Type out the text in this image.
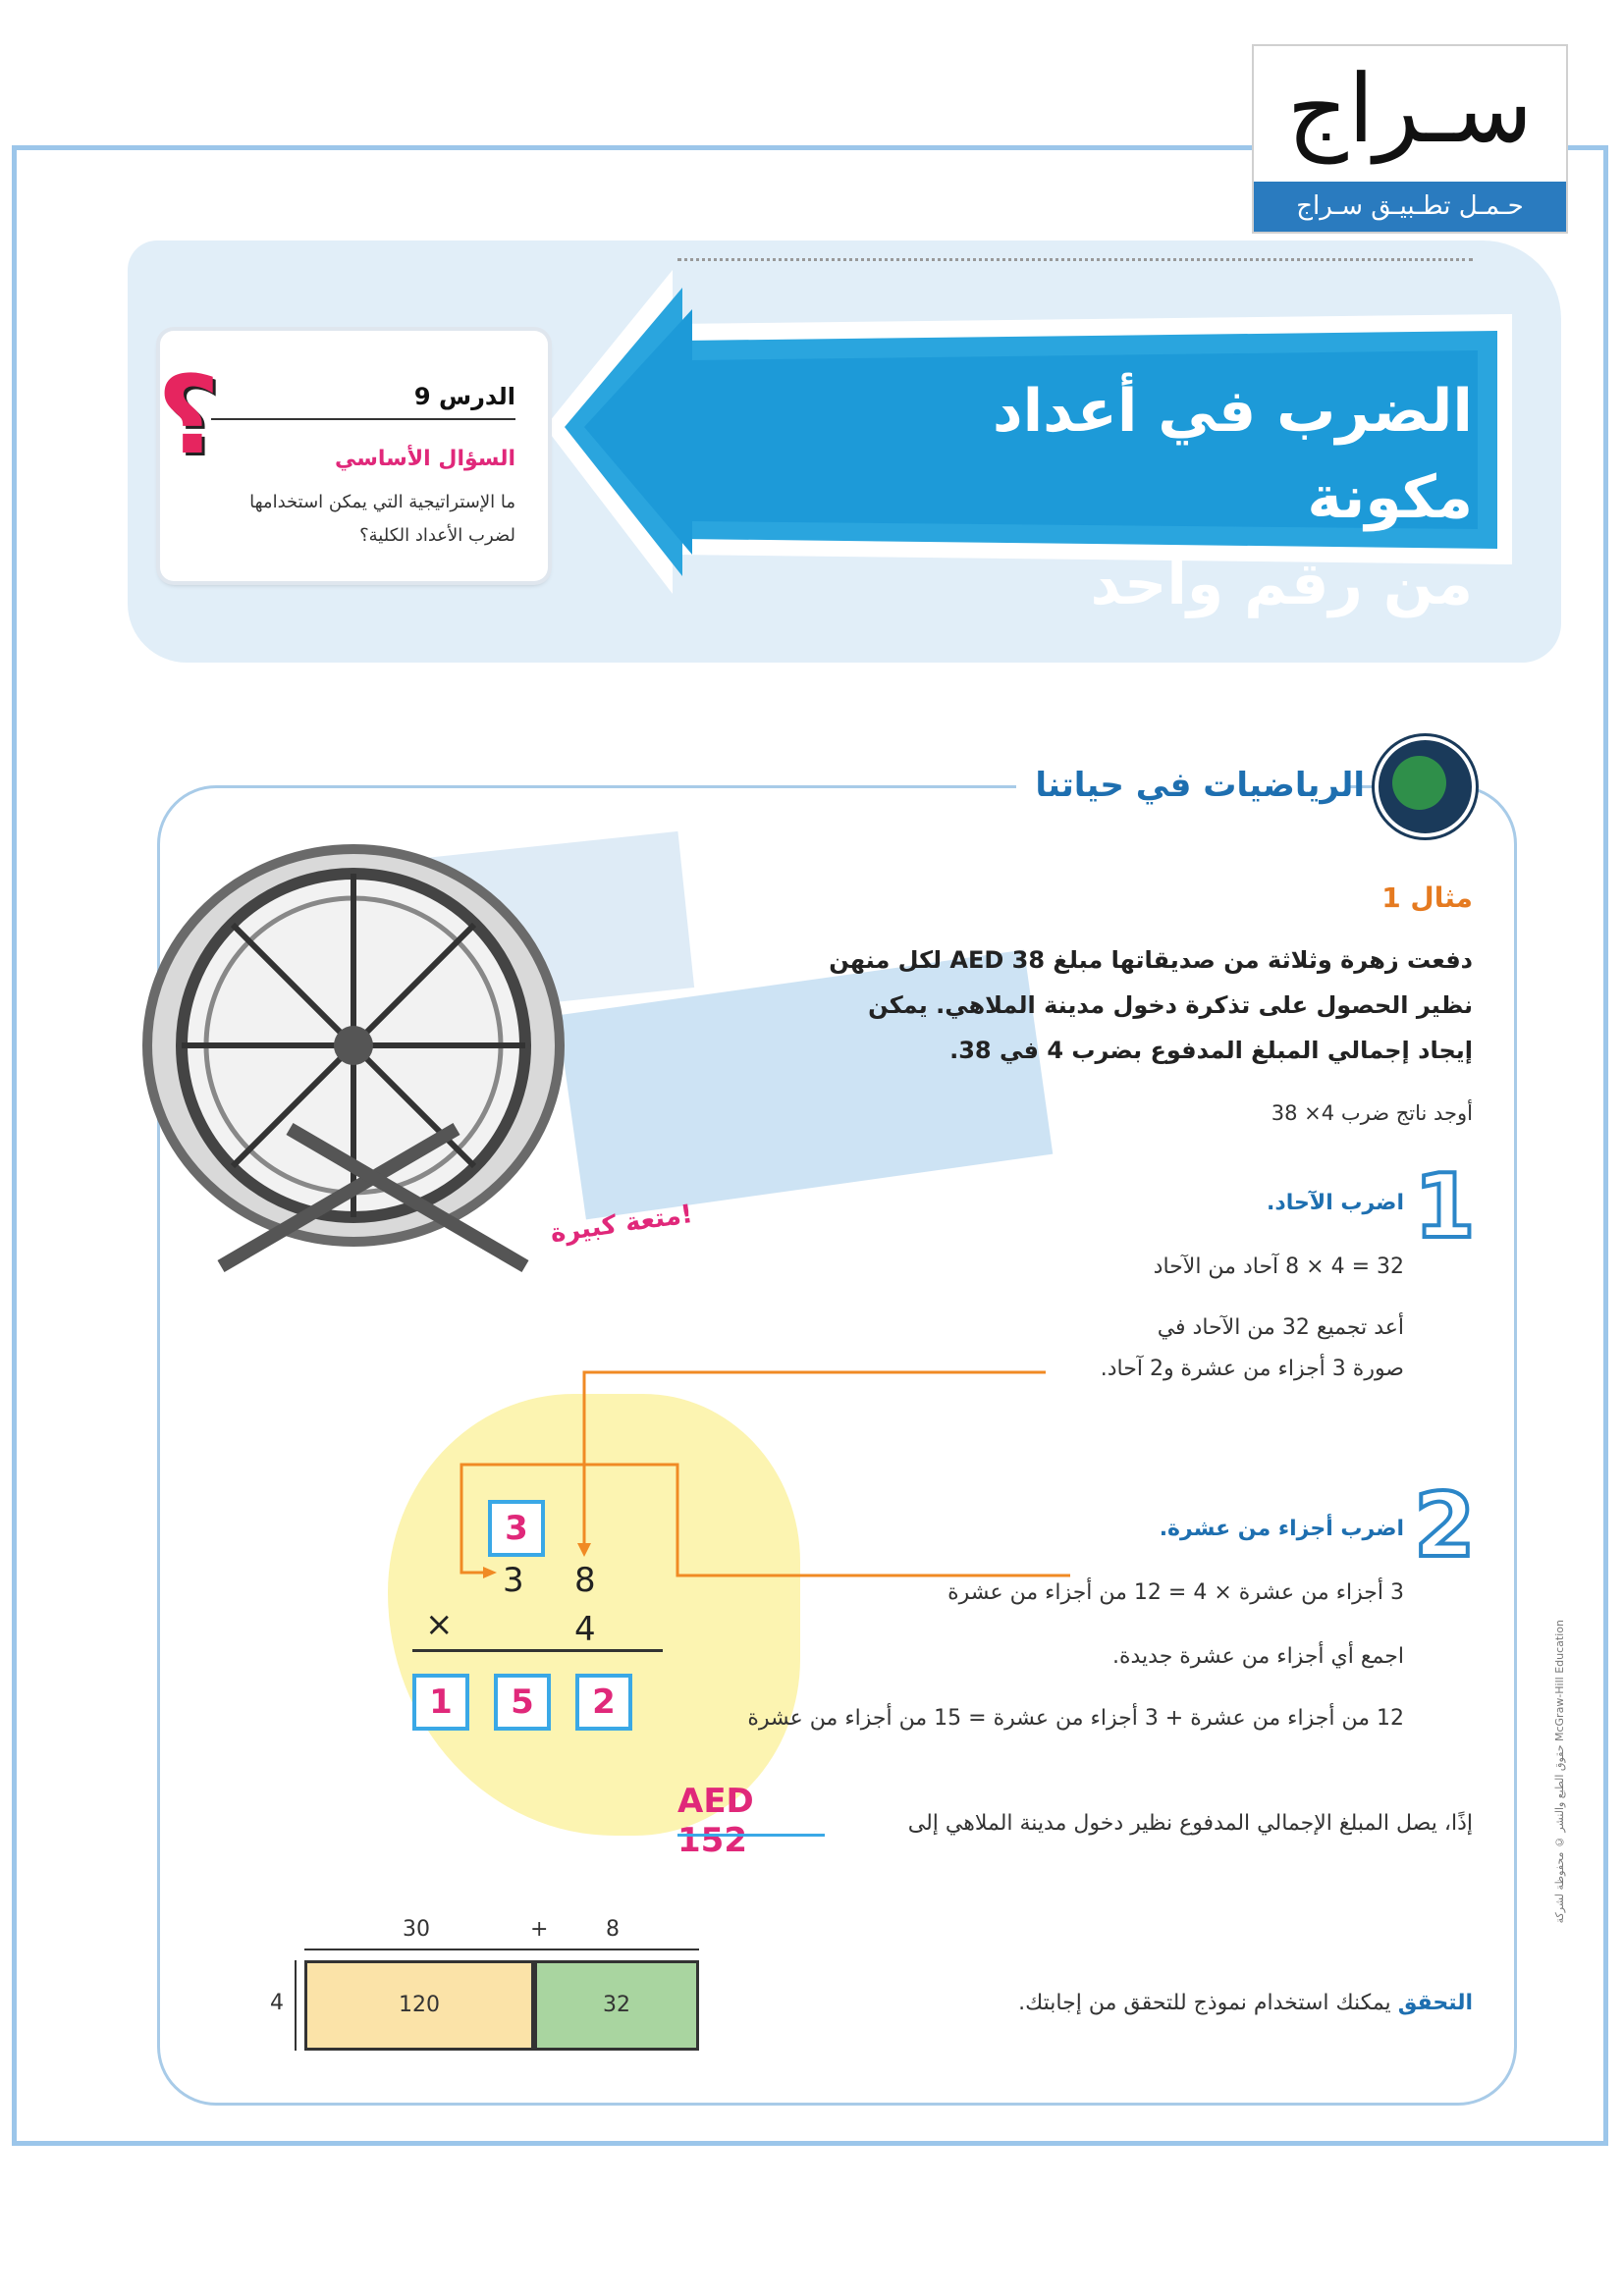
سـراج
حـمـل تطـبيـق سـراج
الضرب في أعداد مكونة
من رقم واحد
؟	الدرس 9
السؤال الأساسي
ما الإستراتيجية التي يمكن استخدامها لضرب الأعداد الكلية؟
الرياضيات في حياتنا
متعة كبيرة!
مثال 1
دفعت زهرة وثلاثة من صديقاتها مبلغ 38 AED لكل منهن نظير الحصول على تذكرة دخول مدينة الملاهي. يمكن إيجاد إجمالي المبلغ المدفوع بضرب 4 في 38.
أوجد ناتج ضرب 4× 38
1
اضرب الآحاد.
32 = 4 × 8 آحاد من الآحاد
أعد تجميع 32 من الآحاد في
صورة 3 أجزاء من عشرة و2 آحاد.
2
اضرب أجزاء من عشرة.
3 أجزاء من عشرة × 4 = 12 من أجزاء من عشرة
اجمع أي أجزاء من عشرة جديدة.
12 من أجزاء من عشرة + 3 أجزاء من عشرة = 15 من أجزاء من عشرة
3
3 8
×	4
1	5	2
إذًا، يصل المبلغ الإجمالي المدفوع نظير دخول مدينة الملاهي إلى
AED 152
30	+	8
4	120	32	التحقق يمكنك استخدام نموذج للتحقق من إجابتك.
حقوق الطبع والنشر © محفوظة لشركة McGraw-Hill Education
